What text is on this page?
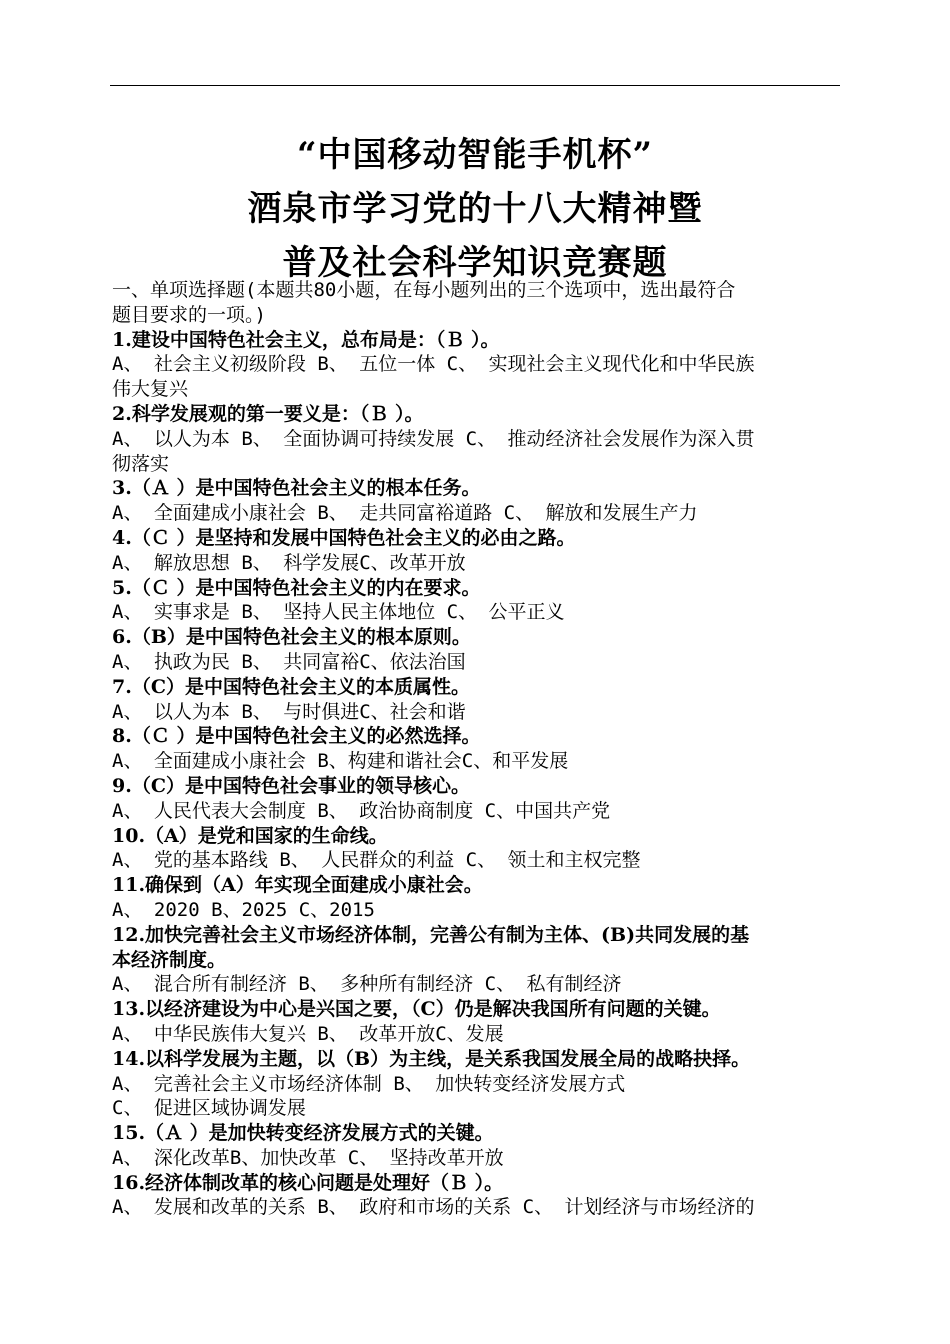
“中国移动智能手机杯”
酒泉市学习党的十八大精神暨
普及社会科学知识竞赛题
一、单项选择题(本题共80小题，在每小题列出的三个选项中，选出最符合
题目要求的一项。)
1.建设中国特色社会主义，总布局是：（Ｂ ）。
A、 社会主义初级阶段 B、 五位一体 C、 实现社会主义现代化和中华民族
伟大复兴
2.科学发展观的第一要义是：（Ｂ ）。
A、 以人为本 B、 全面协调可持续发展 C、 推动经济社会发展作为深入贯
彻落实
3.（Ａ ）是中国特色社会主义的根本任务。
A、 全面建成小康社会 B、 走共同富裕道路 C、 解放和发展生产力
4.（Ｃ ）是坚持和发展中国特色社会主义的必由之路。
A、 解放思想 B、 科学发展C、改革开放
5.（Ｃ ）是中国特色社会主义的内在要求。
A、 实事求是 B、 坚持人民主体地位 C、 公平正义
6.（B）是中国特色社会主义的根本原则。
A、 执政为民 B、 共同富裕C、依法治国
7.（C）是中国特色社会主义的本质属性。
A、 以人为本 B、 与时俱进C、社会和谐
8.（Ｃ ）是中国特色社会主义的必然选择。
A、 全面建成小康社会 B、构建和谐社会C、和平发展
9.（C）是中国特色社会事业的领导核心。
A、 人民代表大会制度 B、 政治协商制度 C、中国共产党
10.（A）是党和国家的生命线。
A、 党的基本路线 B、 人民群众的利益 C、 领土和主权完整
11.确保到（A）年实现全面建成小康社会。
A、 2020 B、2025 C、2015
12.加快完善社会主义市场经济体制，完善公有制为主体、(B)共同发展的基
本经济制度。
A、 混合所有制经济 B、 多种所有制经济 C、 私有制经济
13.以经济建设为中心是兴国之要，（C）仍是解决我国所有问题的关键。
A、 中华民族伟大复兴 B、 改革开放C、发展
14.以科学发展为主题，以（B）为主线，是关系我国发展全局的战略抉择。
A、 完善社会主义市场经济体制 B、 加快转变经济发展方式
C、 促进区域协调发展
15.（Ａ ）是加快转变经济发展方式的关键。
A、 深化改革B、加快改革 C、 坚持改革开放
16.经济体制改革的核心问题是处理好（Ｂ ）。
A、 发展和改革的关系 B、 政府和市场的关系 C、 计划经济与市场经济的
